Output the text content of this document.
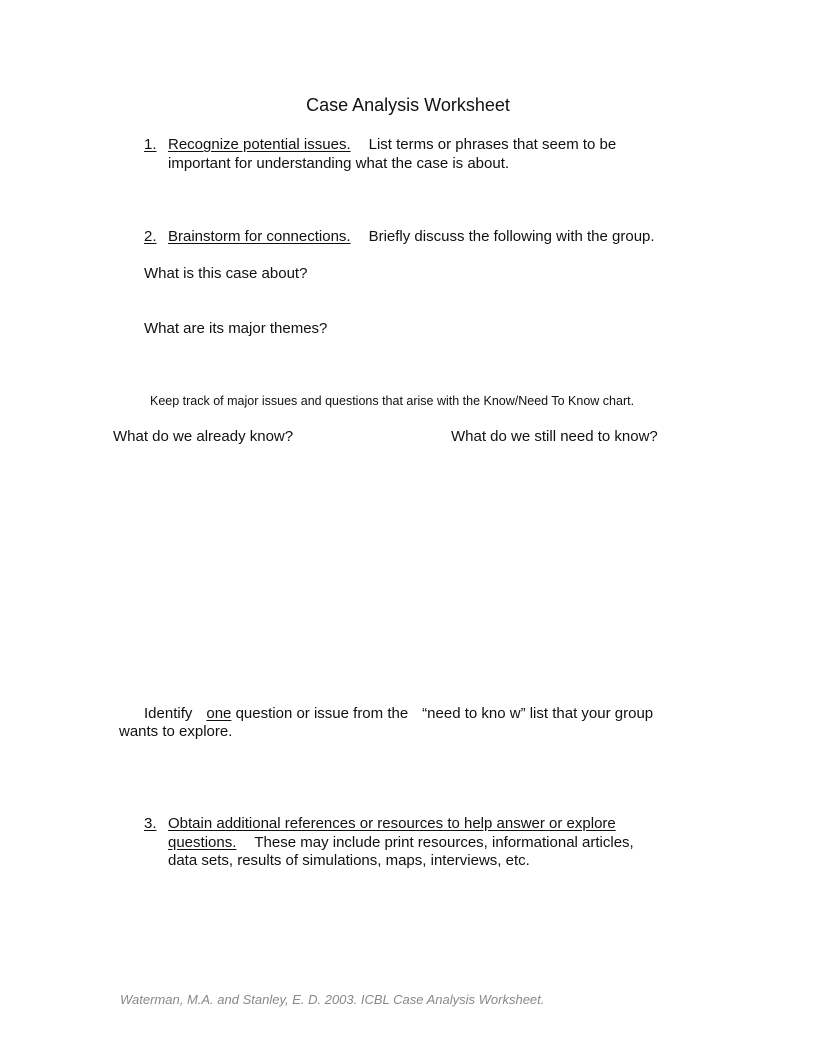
Case Analysis Worksheet
1. Recognize potential issues. List terms or phrases that seem to be
important for understanding what the case is about.
2. Brainstorm for connections. Briefly discuss the following with the group.
What is this case about?
What are its major themes?
Keep track of major issues and questions that arise with the Know/Need To Know chart.
What do we already know?	What do we still need to know?
Identify one question or issue from the “need to kno w” list that your group
wants to explore.
3. Obtain additional references or resources to help answer or explore
questions. These may include print resources, informational articles,
data sets, results of simulations, maps, interviews, etc.
Waterman, M.A. and Stanley, E. D. 2003. ICBL Case Analysis Worksheet.
